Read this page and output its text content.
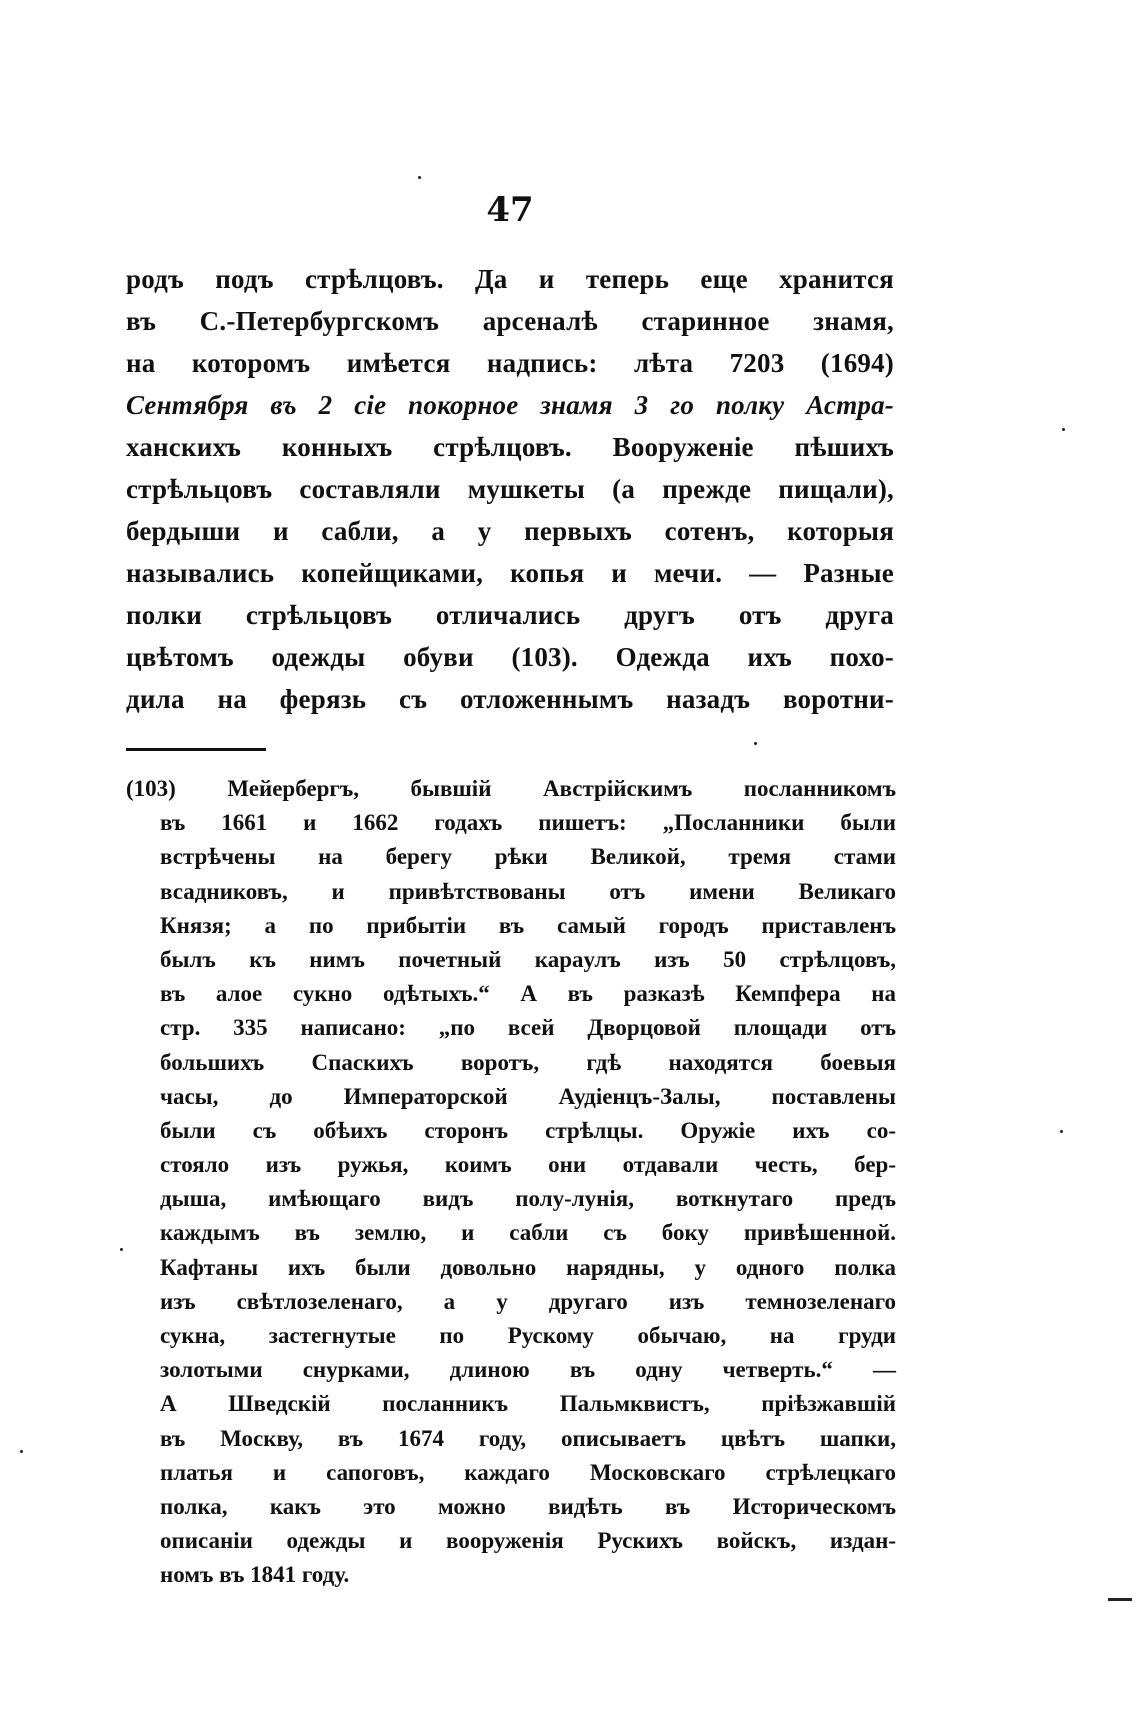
47
родъ подъ стрѣлцовъ. Да и теперь еще хранится
въ С.-Петербургскомъ арсеналѣ старинное знамя,
на которомъ имѣется надпись: лѣта 7203 (1694)
Сентября въ 2 сіе покорное знамя 3 го полку Астра-
ханскихъ конныхъ стрѣлцовъ. Вооруженіе пѣшихъ
стрѣльцовъ составляли мушкеты (а прежде пищали),
бердыши и сабли, а у первыхъ сотенъ, которыя
назывались копейщиками, копья и мечи. — Разные
полки стрѣльцовъ отличались другъ отъ друга
цвѣтомъ одежды обуви (103). Одежда ихъ похо-
дила на ферязь съ отложеннымъ назадъ воротни-
(103) Мейербергъ, бывшій Австрійскимъ посланникомъ
въ 1661 и 1662 годахъ пишетъ: „Посланники были
встрѣчены на берегу рѣки Великой, тремя стами
всадниковъ, и привѣтствованы отъ имени Великаго
Князя; а по прибытіи въ самый городъ приставленъ
былъ къ нимъ почетный карaулъ изъ 50 стрѣлцовъ,
въ алое сукно одѣтыхъ.“ А въ разказѣ Кемпфера на
стр. 335 написано: „по всей Дворцовой площади отъ
большихъ Спаскихъ воротъ, гдѣ находятся боевыя
часы, до Императорской Аудіенцъ-Залы, поставлены
были съ обѣихъ сторонъ стрѣлцы. Оружіе ихъ со-
стояло изъ ружья, коимъ они отдавали честь, бер-
дыша, имѣющаго видъ полу-лунія, воткнутаго предъ
каждымъ въ землю, и сабли съ боку привѣшенной.
Кафтаны ихъ были довольно нарядны, у одного полка
изъ свѣтлозеленаго, а у другаго изъ темнозеленаго
сукна, застегнутые по Рускому обычаю, на груди
золотыми снурками, длиною въ одну четверть.“ —
А Шведскій посланникъ Пальмквистъ, пріѣзжавшій
въ Москву, въ 1674 году, описываетъ цвѣтъ шапки,
платья и сапоговъ, каждаго Московскаго стрѣлецкаго
полка, какъ это можно видѣть въ Историческомъ
описаніи одежды и вооруженія Рускихъ войскъ, издан-
номъ въ 1841 году.
